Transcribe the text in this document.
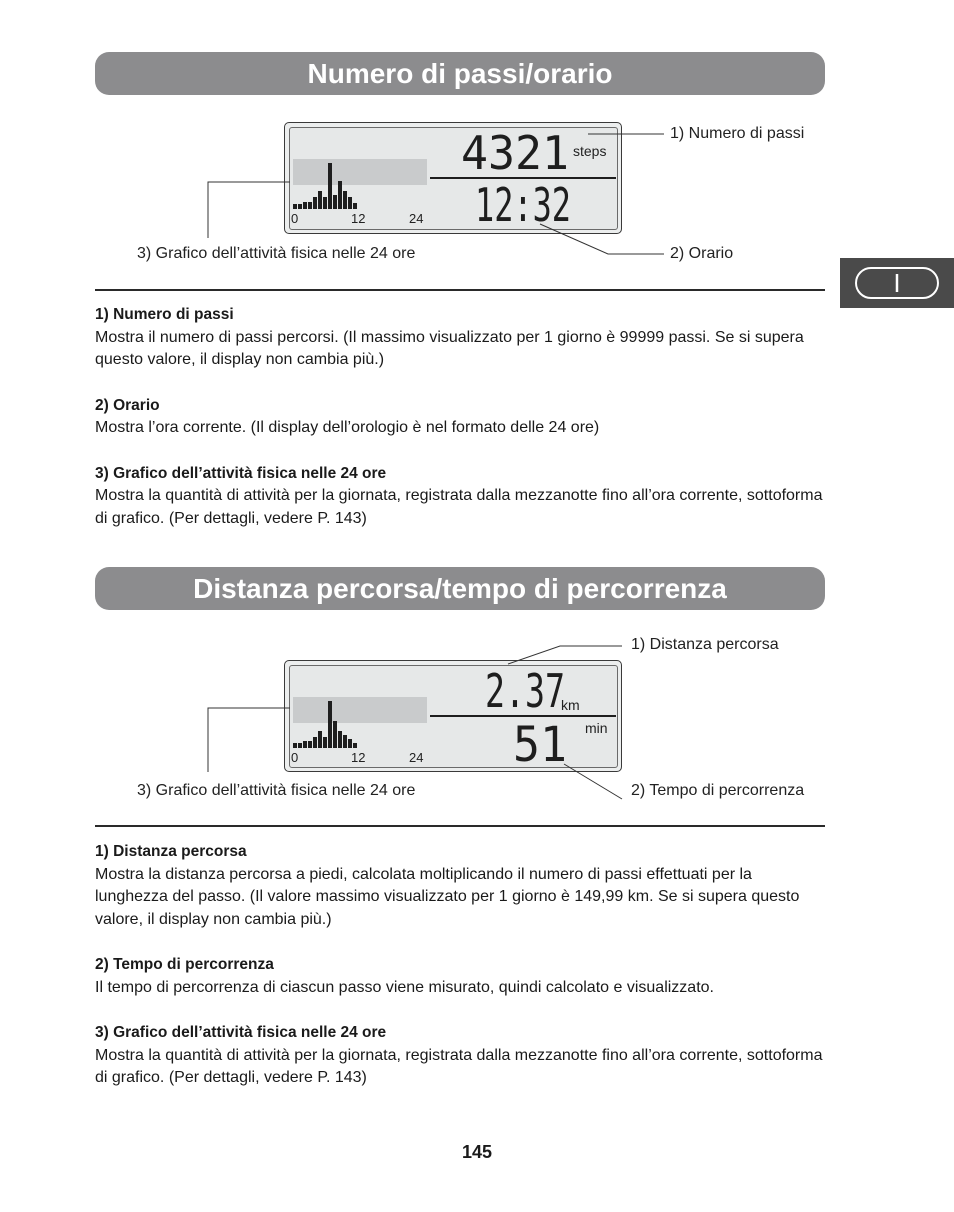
Numero di passi/orario
0	12	24
4321 steps
12:32
1) Numero di passi
2) Orario
3) Grafico dell’attività fisica nelle 24 ore
1) Numero di passi

Mostra il numero di passi percorsi. (Il massimo visualizzato per 1 giorno è 99999 passi. Se si supera questo valore, il display non cambia più.)

2) Orario

Mostra l’ora corrente. (Il display dell’orologio è nel formato delle 24 ore)

3) Grafico dell’attività fisica nelle 24 ore

Mostra la quantità di attività per la giornata, registrata dalla mezzanotte fino all’ora corrente, sottoforma di grafico. (Per dettagli, vedere P. 143)

I
Distanza percorsa/tempo di percorrenza
0	12	24
2.37
km
51 min
1) Distanza percorsa
2) Tempo di percorrenza
3) Grafico dell’attività fisica nelle 24 ore
1) Distanza percorsa

Mostra la distanza percorsa a piedi, calcolata moltiplicando il numero di passi effettuati per la lunghezza del passo. (Il valore massimo visualizzato per 1 giorno è 149,99 km. Se si supera questo valore, il display non cambia più.)

2) Tempo di percorrenza

Il tempo di percorrenza di ciascun passo viene misurato, quindi calcolato e visualizzato.

3) Grafico dell’attività fisica nelle 24 ore

Mostra la quantità di attività per la giornata, registrata dalla mezzanotte fino all’ora corrente, sottoforma di grafico. (Per dettagli, vedere P. 143)

145
